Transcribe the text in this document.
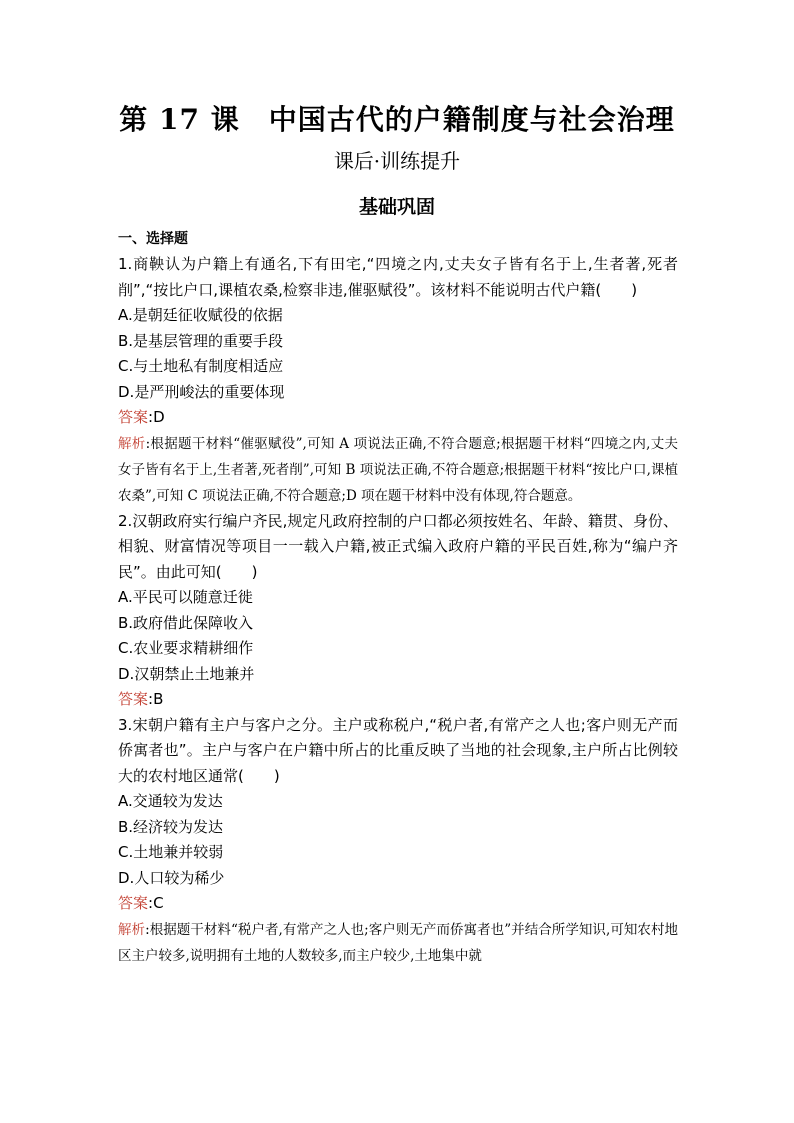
第 17 课　中国古代的户籍制度与社会治理
课后·训练提升
基础巩固
一、选择题
1.商鞅认为户籍上有通名,下有田宅,“四境之内,丈夫女子皆有名于上,生者著,死者削”,“按比户口,课植农桑,检察非违,催驱赋役”。该材料不能说明古代户籍(　　)
A.是朝廷征收赋役的依据
B.是基层管理的重要手段
C.与土地私有制度相适应
D.是严刑峻法的重要体现
答案:D
解析:根据题干材料“催驱赋役”,可知 A 项说法正确,不符合题意;根据题干材料“四境之内,丈夫女子皆有名于上,生者著,死者削”,可知 B 项说法正确,不符合题意;根据题干材料“按比户口,课植农桑”,可知 C 项说法正确,不符合题意;D 项在题干材料中没有体现,符合题意。
2.汉朝政府实行编户齐民,规定凡政府控制的户口都必须按姓名、年龄、籍贯、身份、相貌、财富情况等项目一一载入户籍,被正式编入政府户籍的平民百姓,称为“编户齐民”。由此可知(　　)
A.平民可以随意迁徙
B.政府借此保障收入
C.农业要求精耕细作
D.汉朝禁止土地兼并
答案:B
3.宋朝户籍有主户与客户之分。主户或称税户,“税户者,有常产之人也;客户则无产而侨寓者也”。主户与客户在户籍中所占的比重反映了当地的社会现象,主户所占比例较大的农村地区通常(　　)
A.交通较为发达
B.经济较为发达
C.土地兼并较弱
D.人口较为稀少
答案:C
解析:根据题干材料“税户者,有常产之人也;客户则无产而侨寓者也”并结合所学知识,可知农村地区主户较多,说明拥有土地的人数较多,而主户较少,土地集中就
